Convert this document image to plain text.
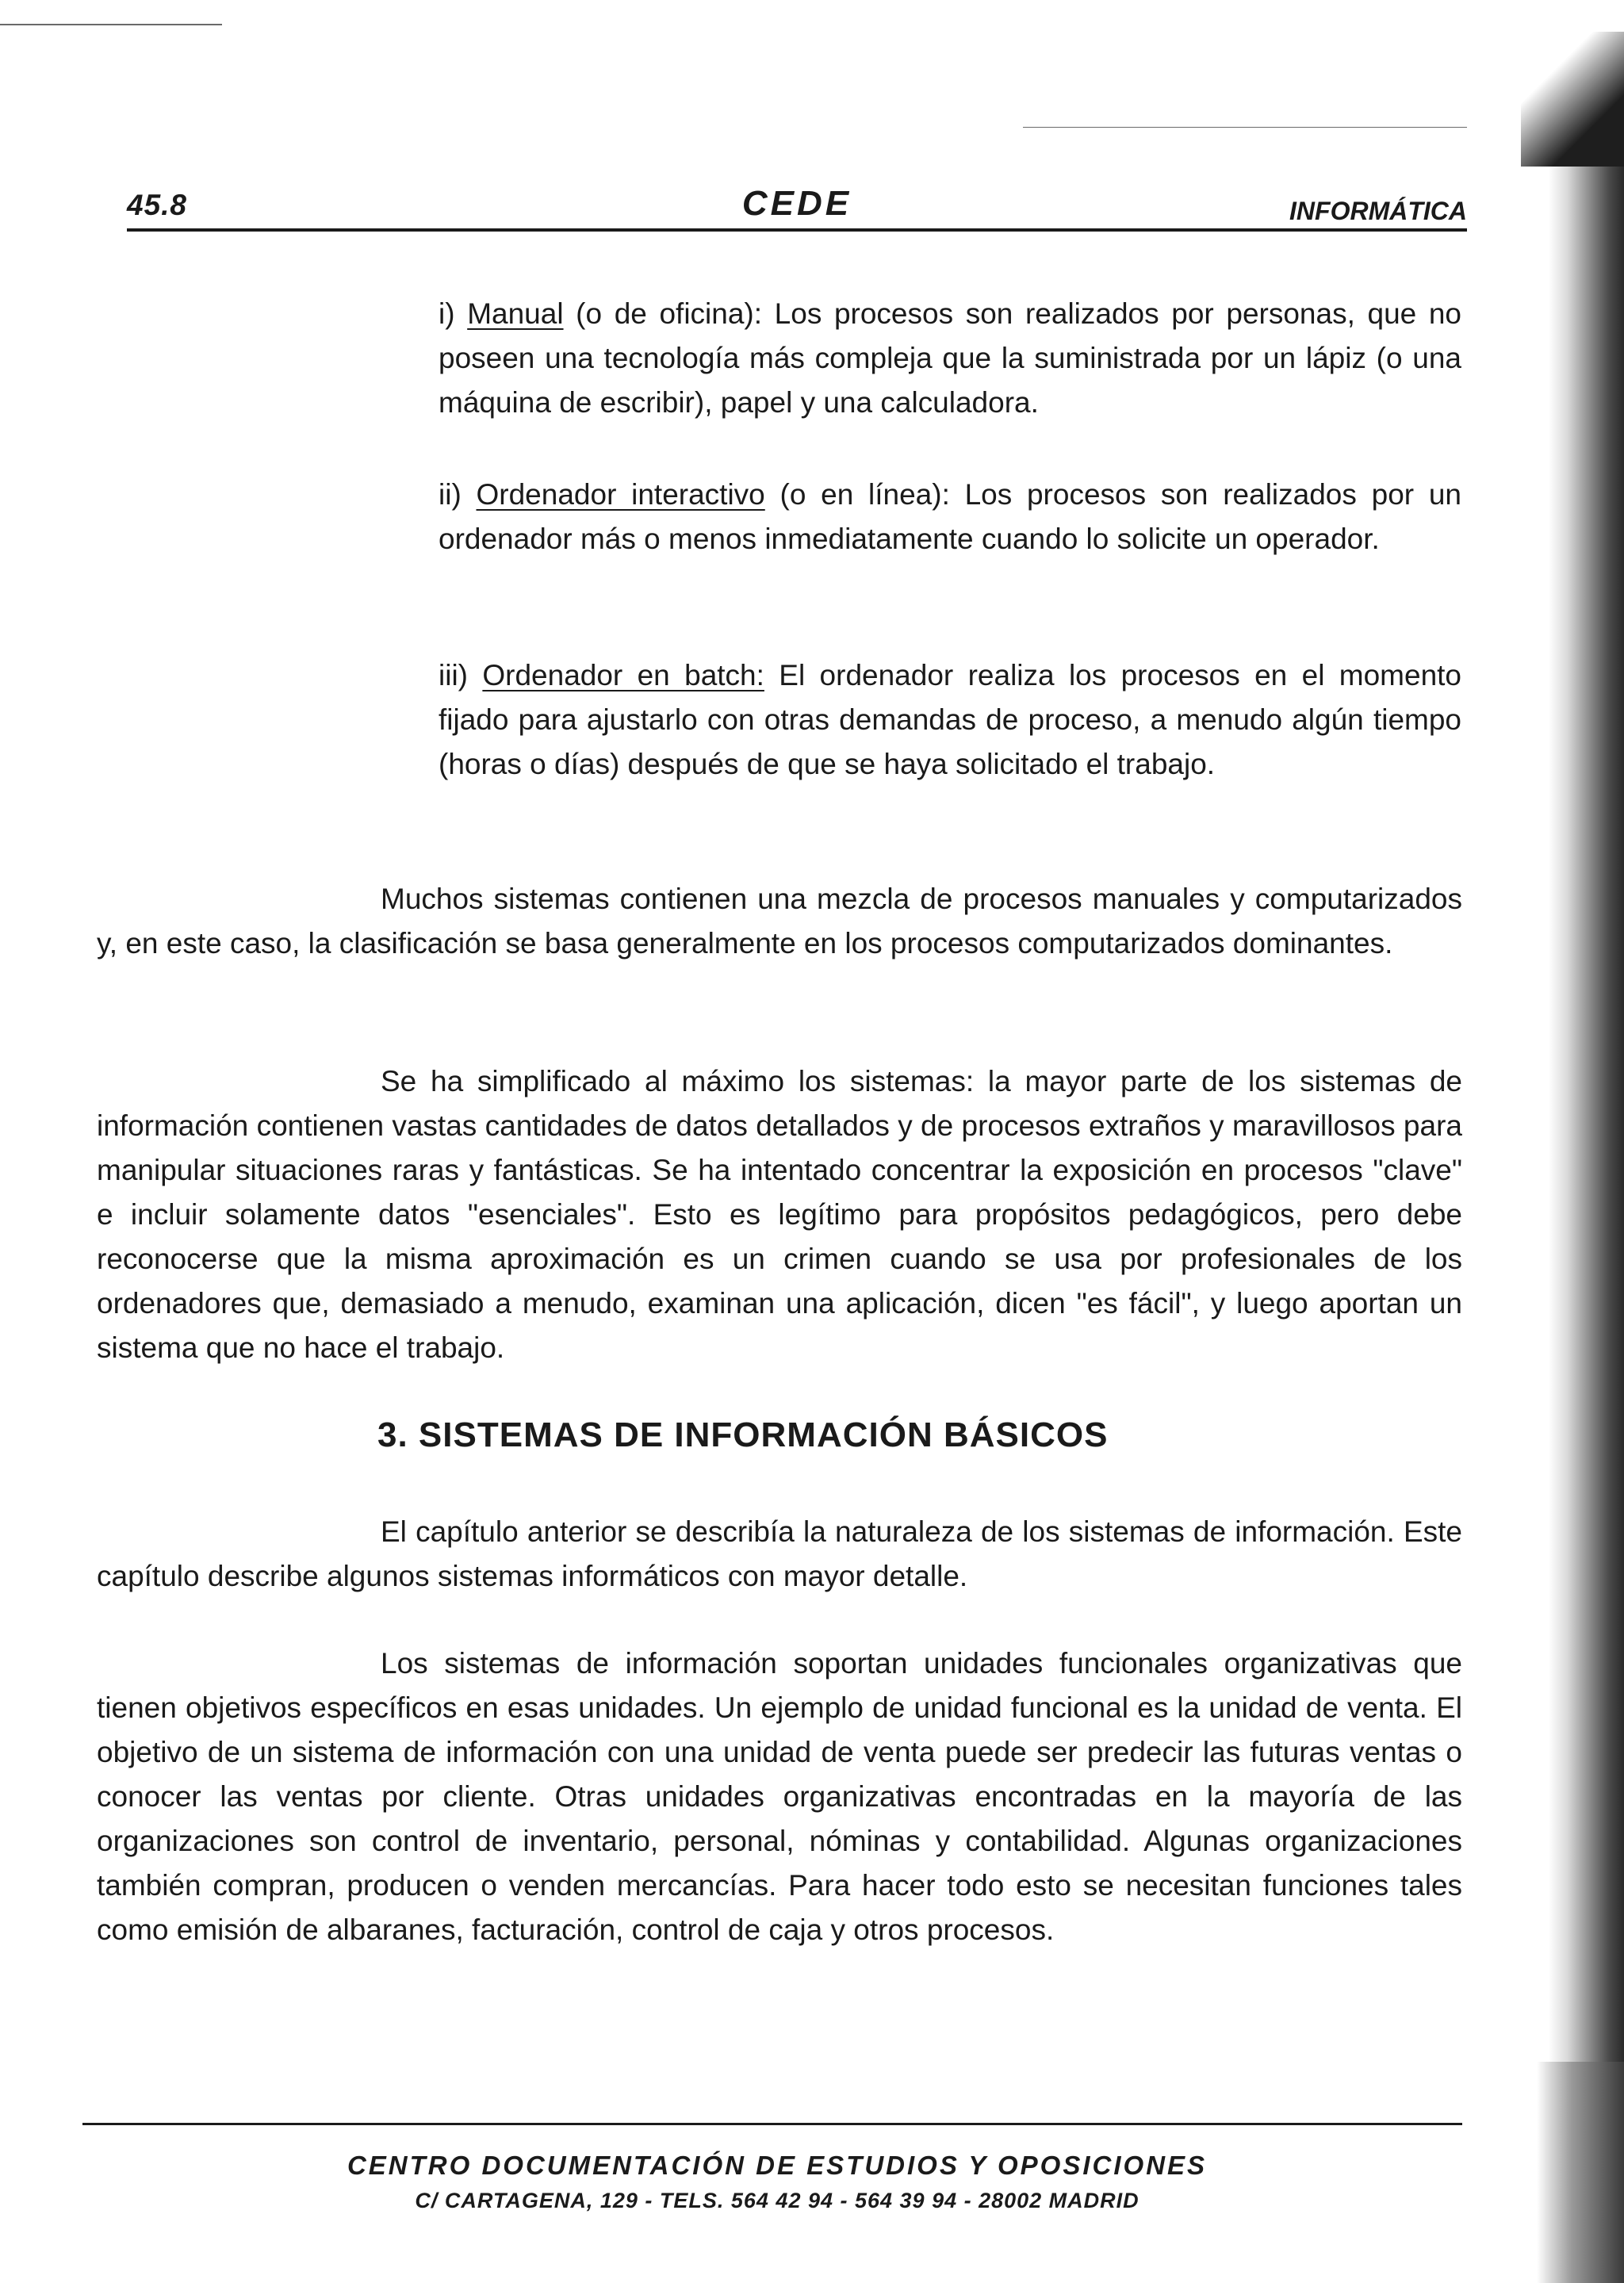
45.8	CEDE	INFORMÁTICA

i) Manual (o de oficina): Los procesos son realizados por personas, que no poseen una tecnología más compleja que la suministrada por un lápiz (o una máquina de escribir), papel y una calculadora.

ii) Ordenador interactivo (o en línea): Los procesos son realizados por un ordenador más o menos inmediatamente cuando lo solicite un operador.

iii) Ordenador en batch: El ordenador realiza los procesos en el momento fijado para ajustarlo con otras demandas de proceso, a menudo algún tiempo (horas o días) después de que se haya solicitado el trabajo.

Muchos sistemas contienen una mezcla de procesos manuales y computarizados y, en este caso, la clasificación se basa generalmente en los procesos computarizados dominantes.

Se ha simplificado al máximo los sistemas: la mayor parte de los sistemas de información contienen vastas cantidades de datos detallados y de procesos extraños y maravillosos para manipular situaciones raras y fantásticas. Se ha intentado concentrar la exposición en procesos "clave" e incluir solamente datos "esenciales". Esto es legítimo para propósitos pedagógicos, pero debe reconocerse que la misma aproximación es un crimen cuando se usa por profesionales de los ordenadores que, demasiado a menudo, examinan una aplicación, dicen "es fácil", y luego aportan un sistema que no hace el trabajo.

3. SISTEMAS DE INFORMACIÓN BÁSICOS

El capítulo anterior se describía la naturaleza de los sistemas de información. Este capítulo describe algunos sistemas informáticos con mayor detalle.

Los sistemas de información soportan unidades funcionales organizativas que tienen objetivos específicos en esas unidades. Un ejemplo de unidad funcional es la unidad de venta. El objetivo de un sistema de información con una unidad de venta puede ser predecir las futuras ventas o conocer las ventas por cliente. Otras unidades organizativas encontradas en la mayoría de las organizaciones son control de inventario, personal, nóminas y contabilidad. Algunas organizaciones también compran, producen o venden mercancías. Para hacer todo esto se necesitan funciones tales como emisión de albaranes, facturación, control de caja y otros procesos.

CENTRO DOCUMENTACIÓN DE ESTUDIOS Y OPOSICIONES
C/ CARTAGENA, 129 - TELS. 564 42 94 - 564 39 94 - 28002 MADRID
